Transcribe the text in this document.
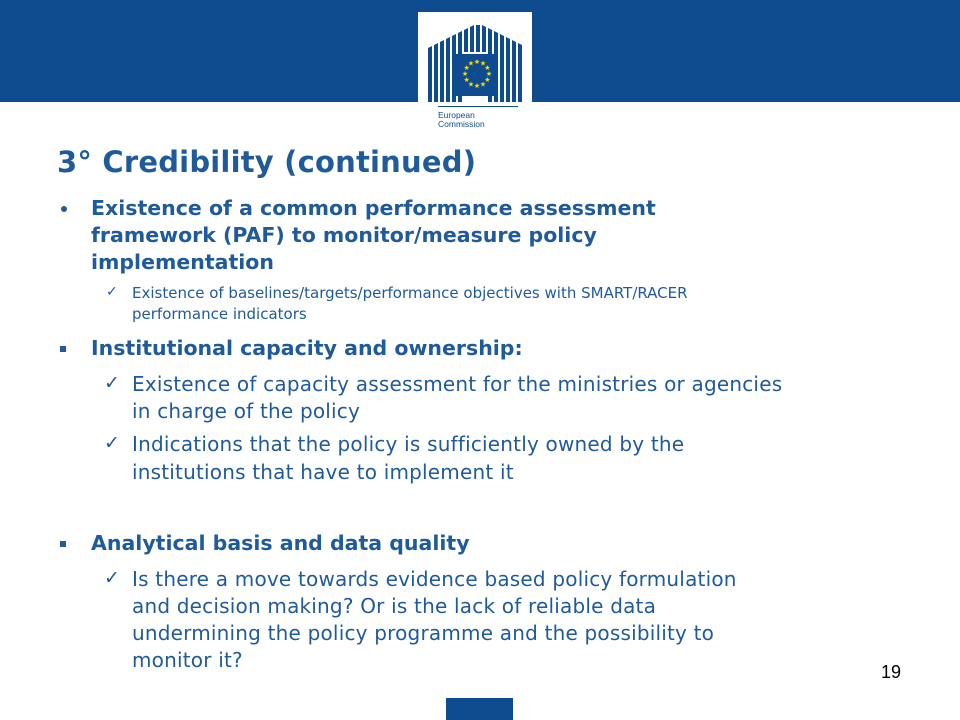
★ ★
★
★
★
★
★
★
★
★
★
★
European
Commission
3° Credibility (continued)

Existence of a common performance assessment

framework (PAF) to monitor/measure policy

implementation

✓ Existence of baselines/targets/performance objectives with SMART/RACER

performance indicators

Institutional capacity and ownership:

✓ Existence of capacity assessment for the ministries or agencies

in charge of the policy

✓ Indications that the policy is sufficiently owned by the

institutions that have to implement it

Analytical basis and data quality

✓ Is there a move towards evidence based policy formulation

and decision making? Or is the lack of reliable data

undermining the policy programme and the possibility to

monitor it?	19
